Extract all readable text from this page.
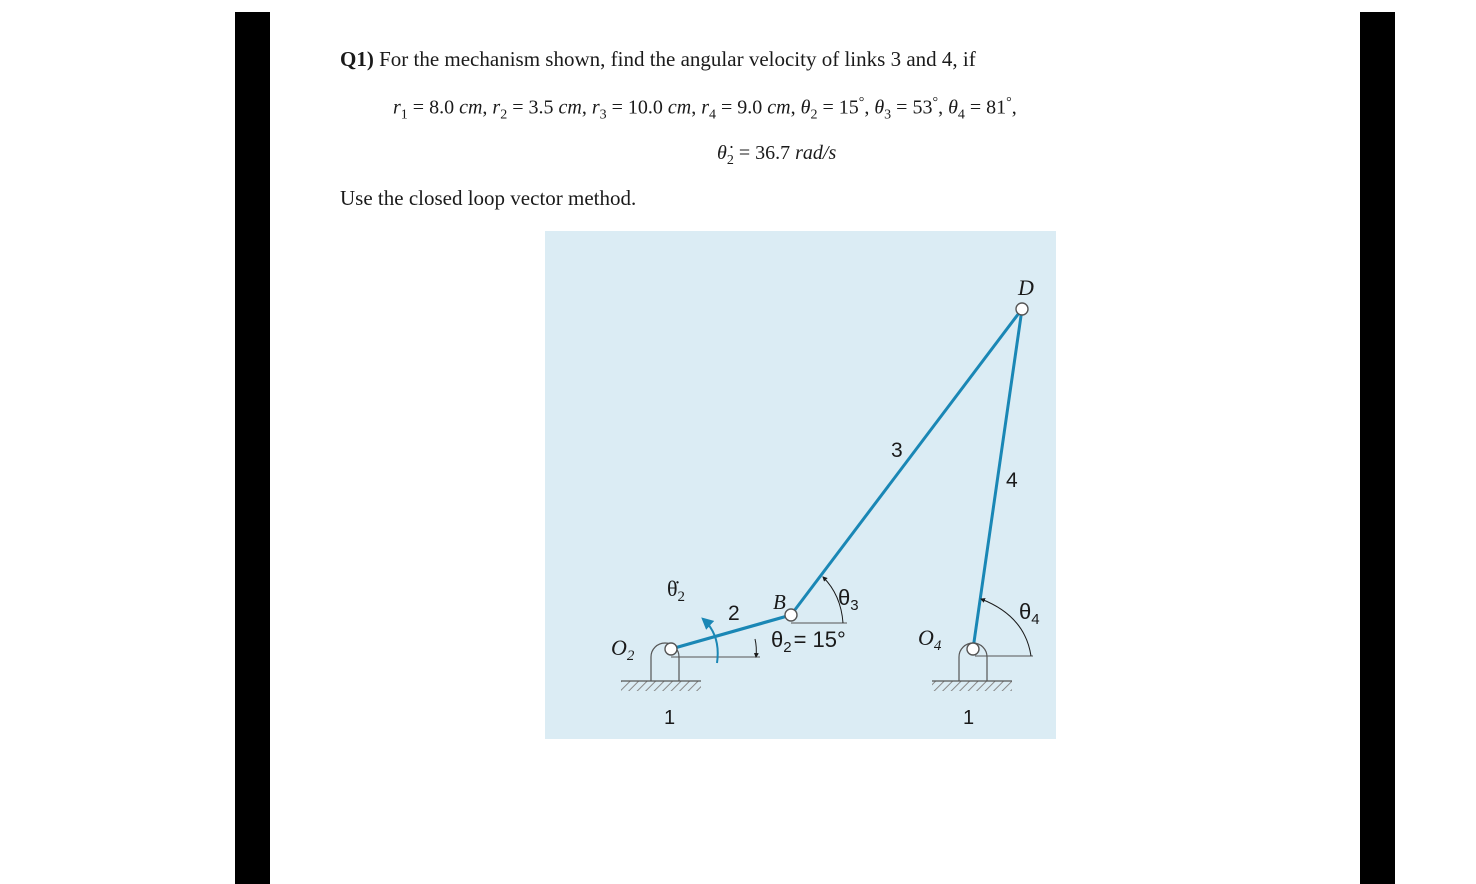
Q1) For the mechanism shown, find the angular velocity of links 3 and 4, if
$r_1 = 8.0$ cm, $r_2 = 3.5$ cm, $r_3 = 10.0$ cm, $r_4 = 9.0$ cm, $\theta_2 = 15^\circ$, $\theta_3 = 53^\circ$, $\theta_4 = 81^\circ$,
$\thetȧ_2 = 36.7$ rad/s
Use the closed loop vector method.
$O_2$
$O_4$
B
D
2
3
4
1	1
$\thetȧ_2$
$\theta_2= 15^\circ$
$\theta_3$	$\theta_4$
